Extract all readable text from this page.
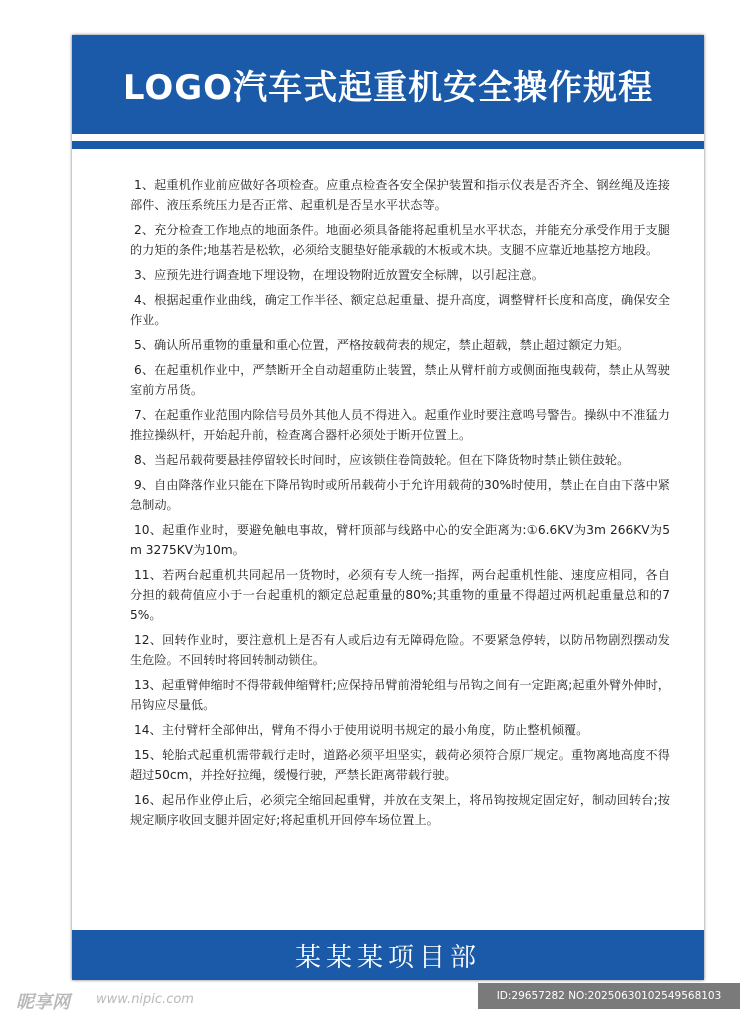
LOGO汽车式起重机安全操作规程

1、起重机作业前应做好各项检查。应重点检查各安全保护装置和指示仪表是否齐全、钢丝绳及连接部件、液压系统压力是否正常、起重机是否呈水平状态等。

2、充分检查工作地点的地面条件。地面必须具备能将起重机呈水平状态，并能充分承受作用于支腿的力矩的条件;地基若是松软，必须给支腿垫好能承载的木板或木块。支腿不应靠近地基挖方地段。

3、应预先进行调查地下埋设物，在埋设物附近放置安全标牌，以引起注意。

4、根据起重作业曲线，确定工作半径、额定总起重量、提升高度，调整臂杆长度和高度，确保安全作业。

5、确认所吊重物的重量和重心位置，严格按载荷表的规定，禁止超载，禁止超过额定力矩。

6、在起重机作业中，严禁断开全自动超重防止装置，禁止从臂杆前方或侧面拖曳载荷，禁止从驾驶室前方吊货。

7、在起重作业范围内除信号员外其他人员不得进入。起重作业时要注意鸣号警告。操纵中不准猛力推拉操纵杆，开始起升前，检查离合器杆必须处于断开位置上。

8、当起吊载荷要悬挂停留较长时间时，应该锁住卷筒鼓轮。但在下降货物时禁止锁住鼓轮。

9、自由降落作业只能在下降吊钩时或所吊载荷小于允许用载荷的30%时使用，禁止在自由下落中紧急制动。

10、起重作业时，要避免触电事故，臂杆顶部与线路中心的安全距离为:①6.6KV为3m 266KV为5m 3275KV为10m。

11、若两台起重机共同起吊一货物时，必须有专人统一指挥，两台起重机性能、速度应相同，各自分担的载荷值应小于一台起重机的额定总起重量的80%;其重物的重量不得超过两机起重量总和的75%。

12、回转作业时，要注意机上是否有人或后边有无障碍危险。不要紧急停转，以防吊物剧烈摆动发生危险。不回转时将回转制动锁住。

13、起重臂伸缩时不得带载伸缩臂杆;应保持吊臂前滑轮组与吊钩之间有一定距离;起重外臂外伸时，吊钩应尽量低。

14、主付臂杆全部伸出，臂角不得小于使用说明书规定的最小角度，防止整机倾覆。

15、轮胎式起重机需带载行走时，道路必须平坦坚实，载荷必须符合原厂规定。重物离地高度不得超过50cm，并拴好拉绳，缓慢行驶，严禁长距离带载行驶。

16、起吊作业停止后，必须完全缩回起重臂，并放在支架上，将吊钩按规定固定好，制动回转台;按规定顺序收回支腿并固定好;将起重机开回停车场位置上。

某某某项目部
昵享网 www.nipic.com	ID:29657282 NO:20250630102549568103
